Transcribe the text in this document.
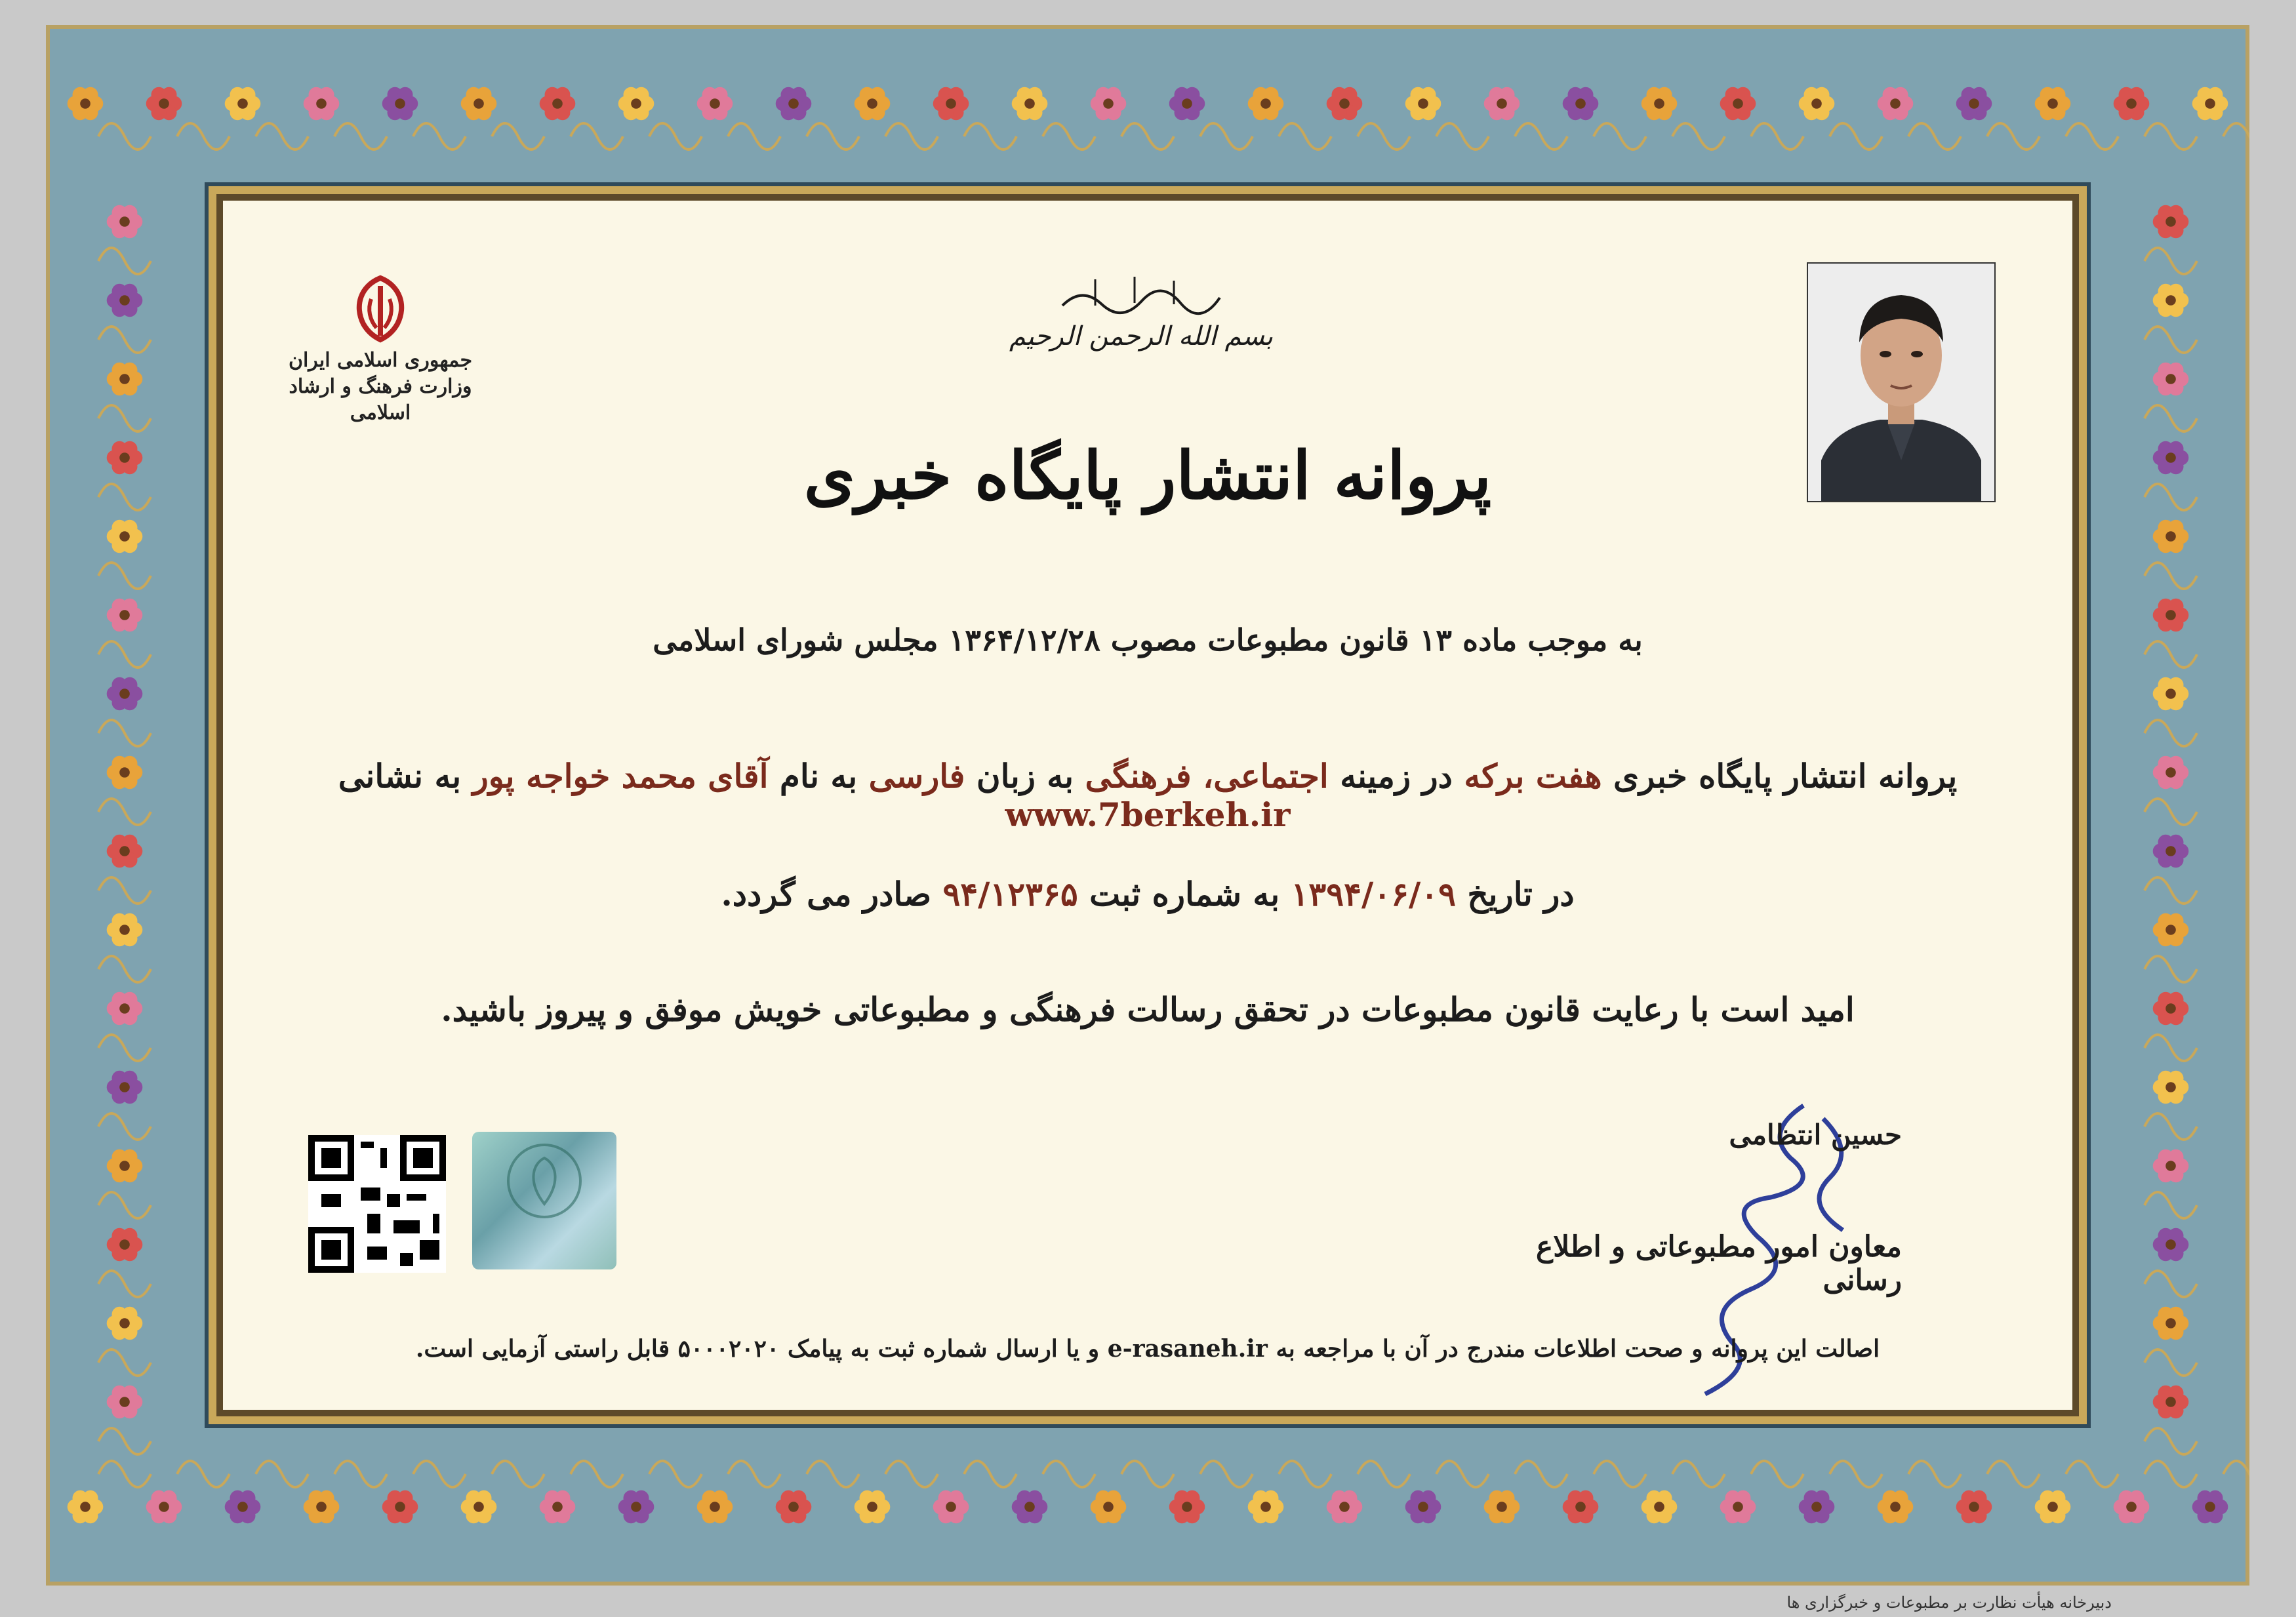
جمهوری اسلامی ایران
وزارت فرهنگ و ارشاد اسلامی
بسم الله الرحمن الرحیم
پروانه انتشار پایگاه خبری
به موجب ماده ۱۳ قانون مطبوعات مصوب ۱۳۶۴/۱۲/۲۸ مجلس شورای اسلامی
پروانه انتشار پایگاه خبری هفت برکه در زمینه اجتماعی، فرهنگی به زبان فارسی به نام آقای محمد خواجه پور به نشانی www.7berkeh.ir
در تاریخ ۱۳۹۴/۰۶/۰۹ به شماره ثبت ۹۴/۱۲۳۶۵ صادر می گردد.
امید است با رعایت قانون مطبوعات در تحقق رسالت فرهنگی و مطبوعاتی خویش موفق و پیروز باشید.
حسین انتظامی
معاون امور مطبوعاتی و اطلاع رسانی
اصالت این پروانه و صحت اطلاعات مندرج در آن با مراجعه به e-rasaneh.ir و یا ارسال شماره ثبت به پیامک ۵۰۰۰۲۰۲۰ قابل راستی آزمایی است.
دبیرخانه هیأت نظارت بر مطبوعات و خبرگزاری ها
